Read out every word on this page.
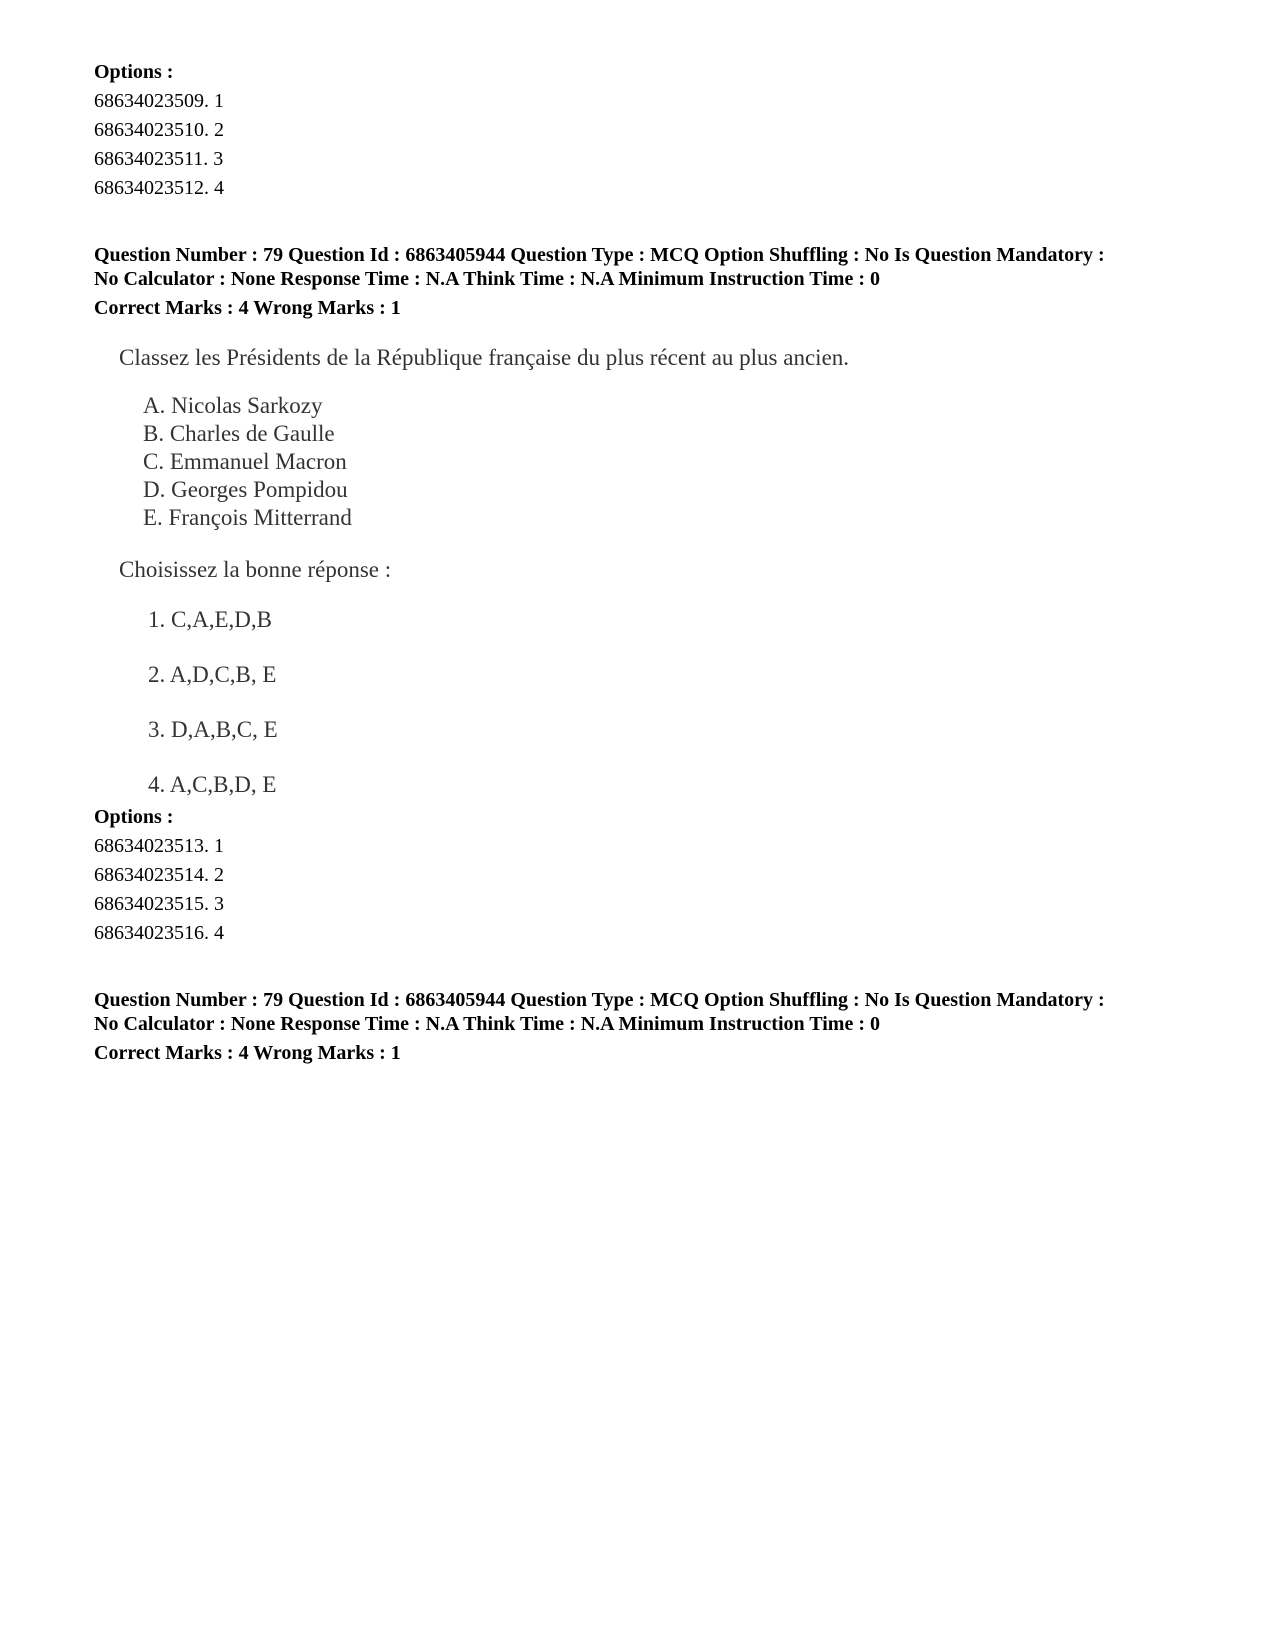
Options :
68634023509. 1
68634023510. 2
68634023511. 3
68634023512. 4
Question Number : 79 Question Id : 6863405944 Question Type : MCQ Option Shuffling : No Is Question Mandatory :
No Calculator : None Response Time : N.A Think Time : N.A Minimum Instruction Time : 0
Correct Marks : 4 Wrong Marks : 1
Classez les Présidents de la République française du plus récent au plus ancien.
A. Nicolas Sarkozy
B. Charles de Gaulle
C. Emmanuel Macron
D. Georges Pompidou
E. François Mitterrand
Choisissez la bonne réponse :
1. C,A,E,D,B
2. A,D,C,B, E
3. D,A,B,C, E
4. A,C,B,D, E
Options :
68634023513. 1
68634023514. 2
68634023515. 3
68634023516. 4
Question Number : 79 Question Id : 6863405944 Question Type : MCQ Option Shuffling : No Is Question Mandatory :
No Calculator : None Response Time : N.A Think Time : N.A Minimum Instruction Time : 0
Correct Marks : 4 Wrong Marks : 1
